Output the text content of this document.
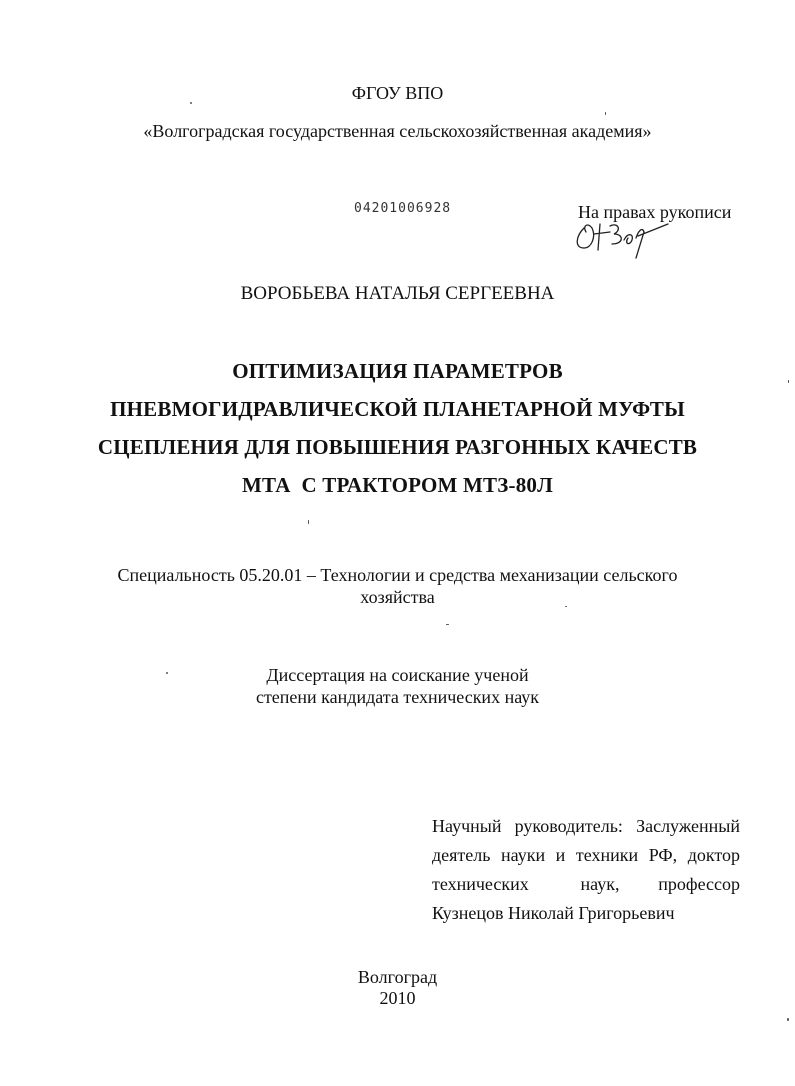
ФГОУ ВПО
«Волгоградская государственная сельскохозяйственная академия»
04201006928	На правах рукописи
ВОРОБЬЕВА НАТАЛЬЯ СЕРГЕЕВНА
ОПТИМИЗАЦИЯ ПАРАМЕТРОВ
ПНЕВМОГИДРАВЛИЧЕСКОЙ ПЛАНЕТАРНОЙ МУФТЫ
СЦЕПЛЕНИЯ ДЛЯ ПОВЫШЕНИЯ РАЗГОННЫХ КАЧЕСТВ
МТА  С ТРАКТОРОМ МТЗ-80Л
Специальность 05.20.01 – Технологии и средства механизации сельского
хозяйства
Диссертация на соискание ученой
степени кандидата технических наук
Научный руководитель: Заслуженный
деятель науки и техники РФ, доктор
технических        наук,      профессор
Кузнецов Николай Григорьевич
Волгоград
2010
